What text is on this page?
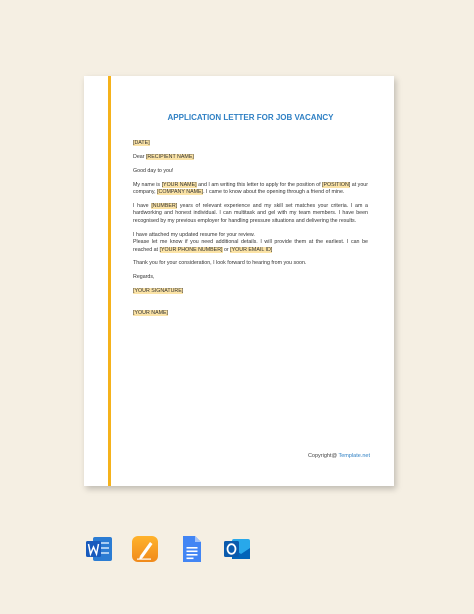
APPLICATION LETTER FOR JOB VACANCY
[DATE]
Dear [RECIPIENT NAME]
Good day to you!
My name is [YOUR NAME] and I am writing this letter to apply for the position of [POSITION] at your company, [COMPANY NAME]. I came to know about the opening through a friend of mine.
I have [NUMBER] years of relevant experience and my skill set matches your criteria. I am a hardworking and honest individual. I can multitask and gel with my team members. I have been recognised by my previous employer for handling pressure situations and delivering the results.
I have attached my updated resume for your review.
Please let me know if you need additional details. I will provide them at the earliest. I can be reached at [YOUR PHONE NUMBER] or [YOUR EMAIL ID]
Thank you for your consideration, I look forward to hearing from you soon.
Regards,
[YOUR SIGNATURE]
[YOUR NAME]
Copyright@ Template.net
